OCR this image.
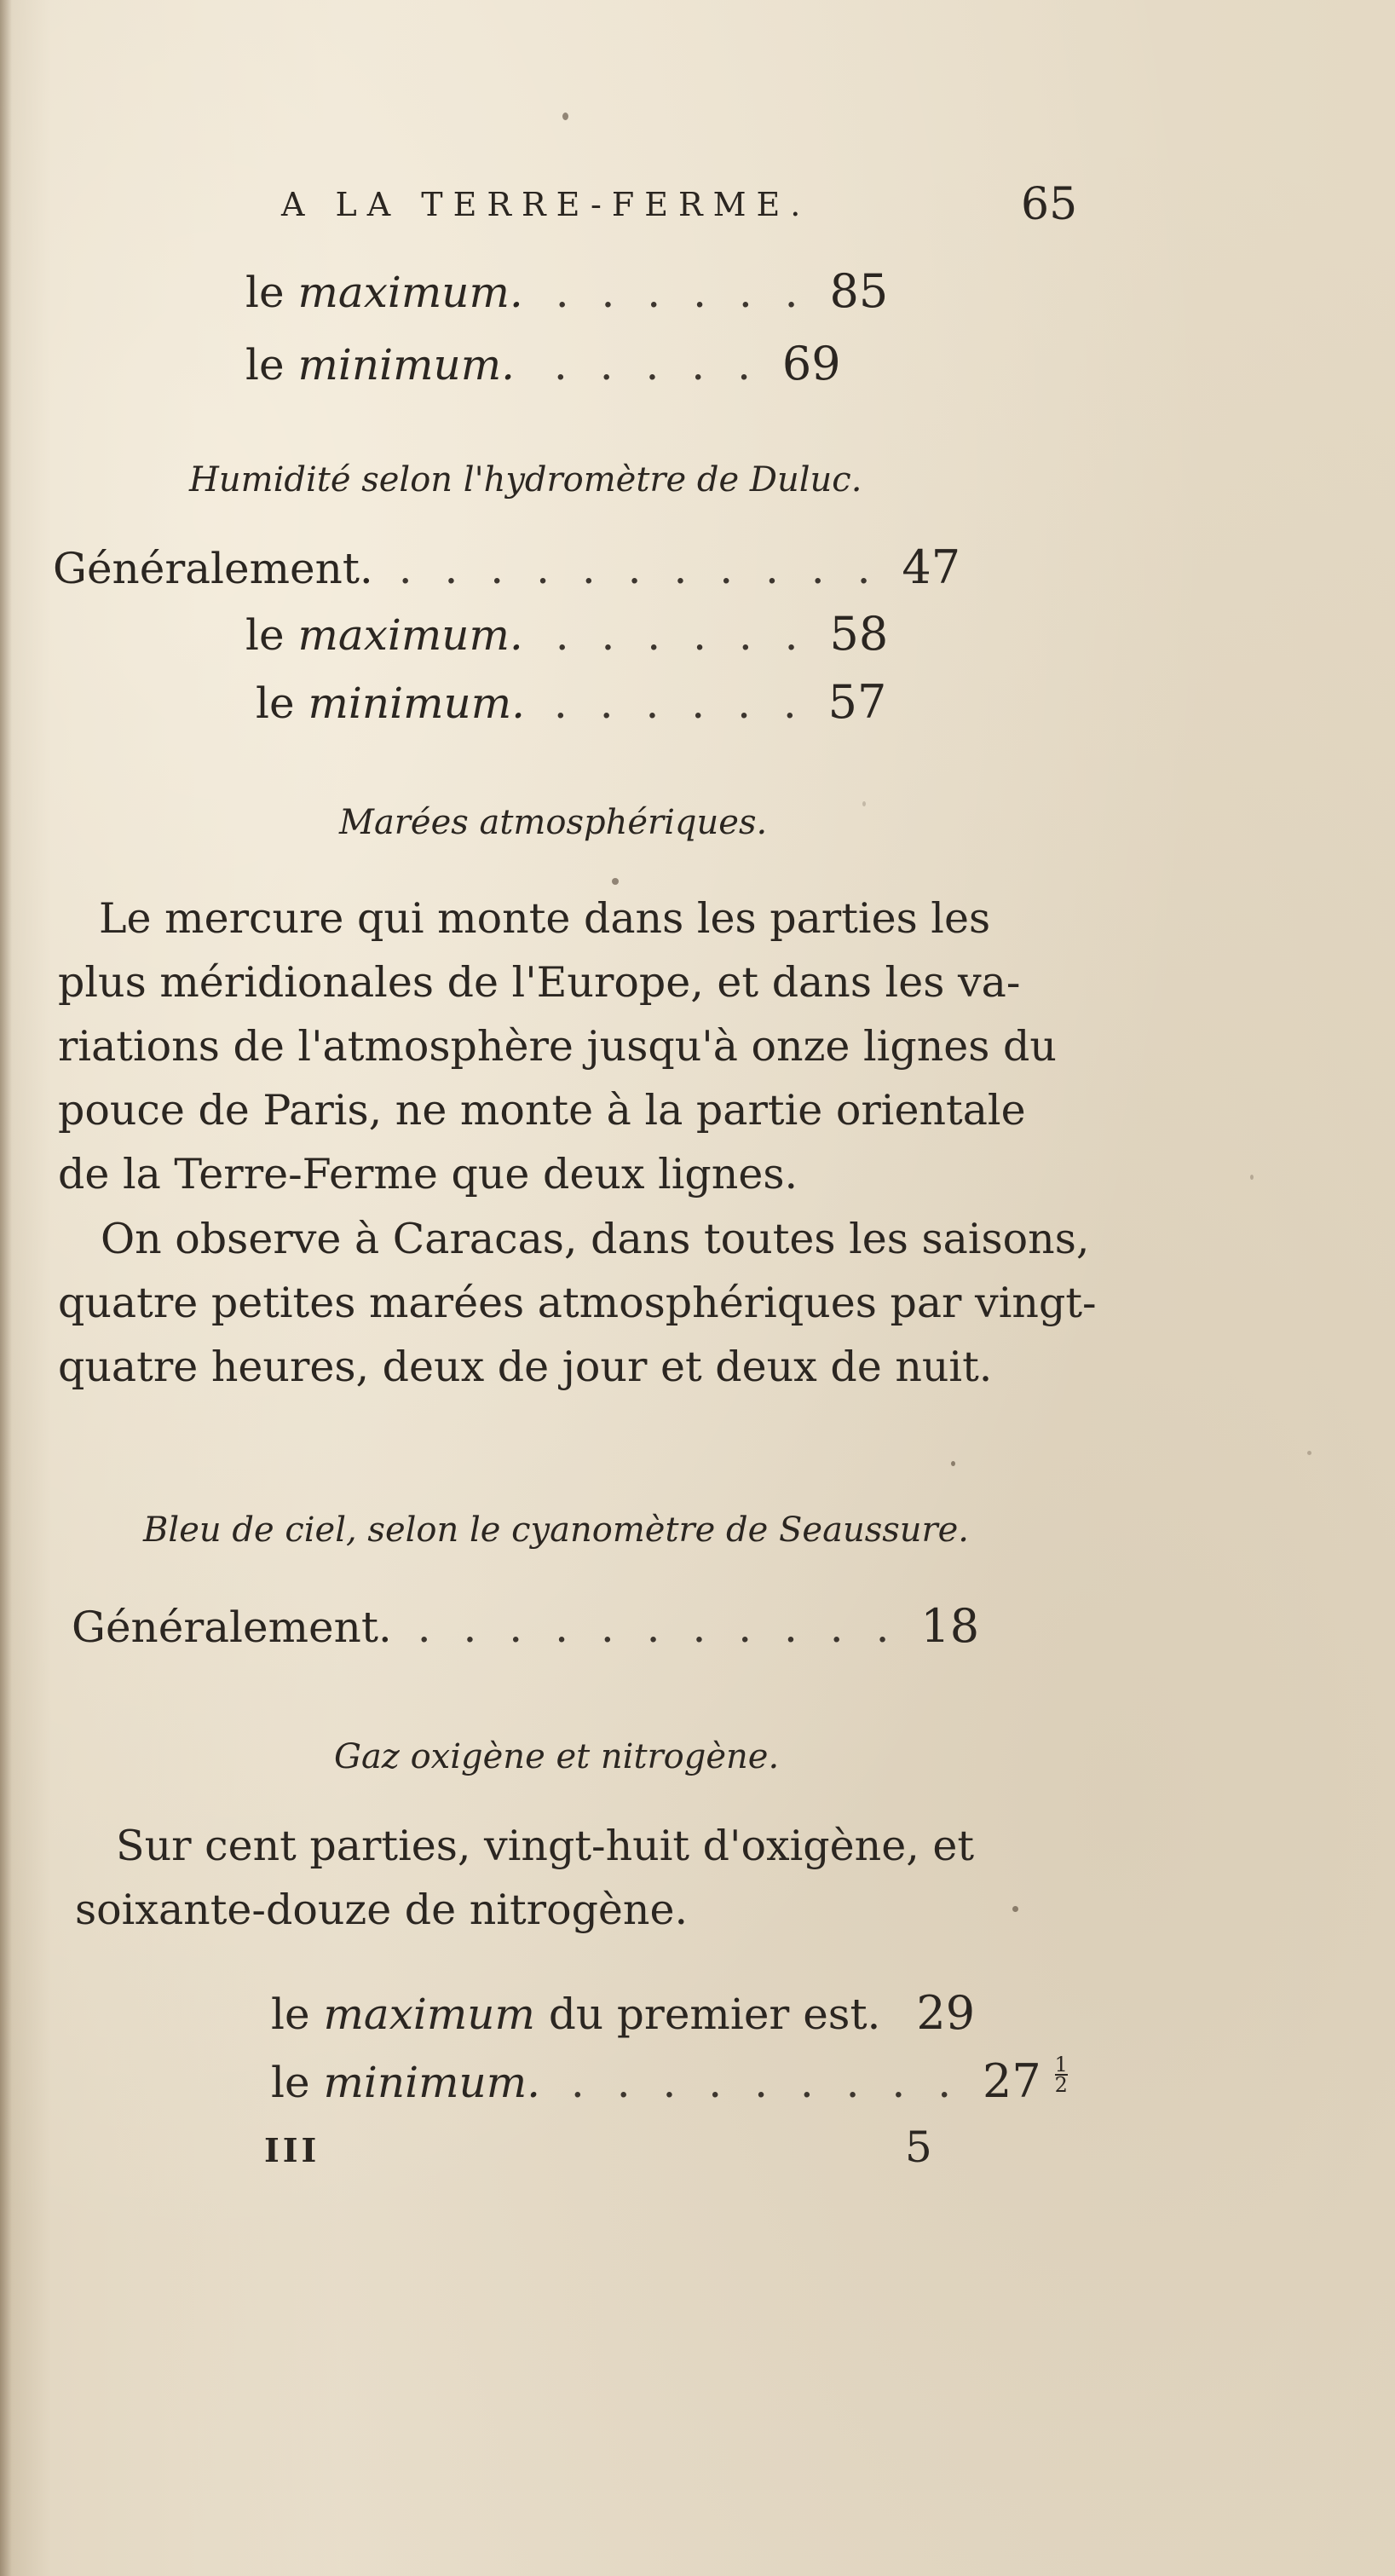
A LA TERRE-FERME.	65
le maximum. . . . . . . 85
le minimum. . . . . . 69
Humidité selon l'hydromètre de Duluc.
Généralement. . . . . . . . . . . . 47
le maximum. . . . . . . 58
le minimum. . . . . . . 57
Marées atmosphériques.
Le mercure qui monte dans les parties les
plus méridionales de l'Europe, et dans les va-
riations de l'atmosphère jusqu'à onze lignes du
pouce de Paris, ne monte à la partie orientale
de la Terre-Ferme que deux lignes.
On observe à Caracas, dans toutes les saisons,
quatre petites marées atmosphériques par vingt-
quatre heures, deux de jour et deux de nuit.
Bleu de ciel, selon le cyanomètre de Seaussure.
Généralement. . . . . . . . . . . . 18
Gaz oxigène et nitrogène.
Sur cent parties, vingt-huit d'oxigène, et
soixante-douze de nitrogène.
le maximum du premier est. 29
le minimum. . . . . . . . . . $27 \frac{1}{2}$
III	5
